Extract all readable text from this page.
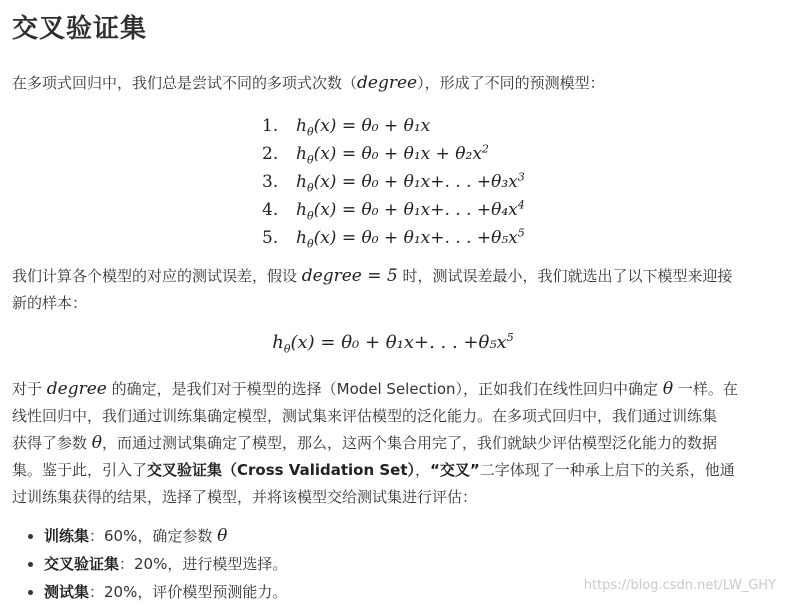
交叉验证集

在多项式回归中，我们总是尝试不同的多项式次数（degree），形成了不同的预测模型：

1. $h_\theta(x) = \theta_0 + \theta_1x$
2. $h_\theta(x) = \theta_0 + \theta_1x + \theta_2x^2$
3. $h_\theta(x) = \theta_0 + \theta_1x+$. . . $+\theta_3x^3$
4. $h_\theta(x) = \theta_0 + \theta_1x+$. . . $+\theta_4x^4$
5. $h_\theta(x) = \theta_0 + \theta_1x+$. . . $+\theta_5x^5$

我们计算各个模型的对应的测试误差，假设 degree = 5 时，测试误差最小，我们就选出了以下模型来迎接
新的样本：

$h_\theta(x) = \theta_0 + \theta_1x+$. . . $+\theta_5x^5$

对于 degree 的确定，是我们对于模型的选择（Model Selection），正如我们在线性回归中确定 θ 一样。在
线性回归中，我们通过训练集确定模型，测试集来评估模型的泛化能力。在多项式回归中，我们通过训练集
获得了参数 θ，而通过测试集确定了模型，那么，这两个集合用完了，我们就缺少评估模型泛化能力的数据
集。鉴于此，引入了交叉验证集（Cross Validation Set），“交叉”二字体现了一种承上启下的关系，他通
过训练集获得的结果，选择了模型，并将该模型交给测试集进行评估：

• 训练集：60%，确定参数 θ
• 交叉验证集：20%，进行模型选择。
• 测试集：20%，评价模型预测能力。	https://blog.csdn.net/LW_GHY
